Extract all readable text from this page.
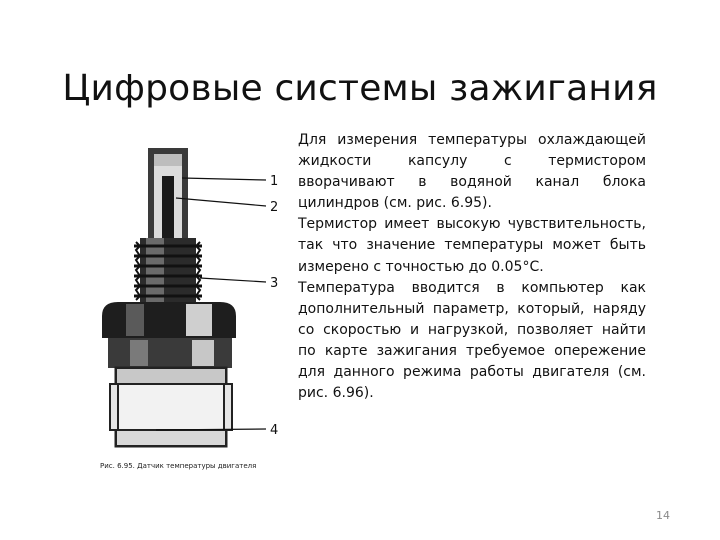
Цифровые системы зажигания
1
2
3
4
Рис. 6.95. Датчик температуры двигателя

Для измерения температуры охлаждающей жидкости капсулу с термистором вворачивают в водяной канал блока цилиндров (см. рис. 6.95).

Термистор имеет высокую чувствительность, так что значение температуры может быть измерено с точностью до 0.05°С.

Температура вводится в компьютер как дополнительный параметр, который, наряду со скоростью и нагрузкой, позволяет найти по карте зажигания требуемое опережение для данного режима работы двигателя (см. рис. 6.96).

14
